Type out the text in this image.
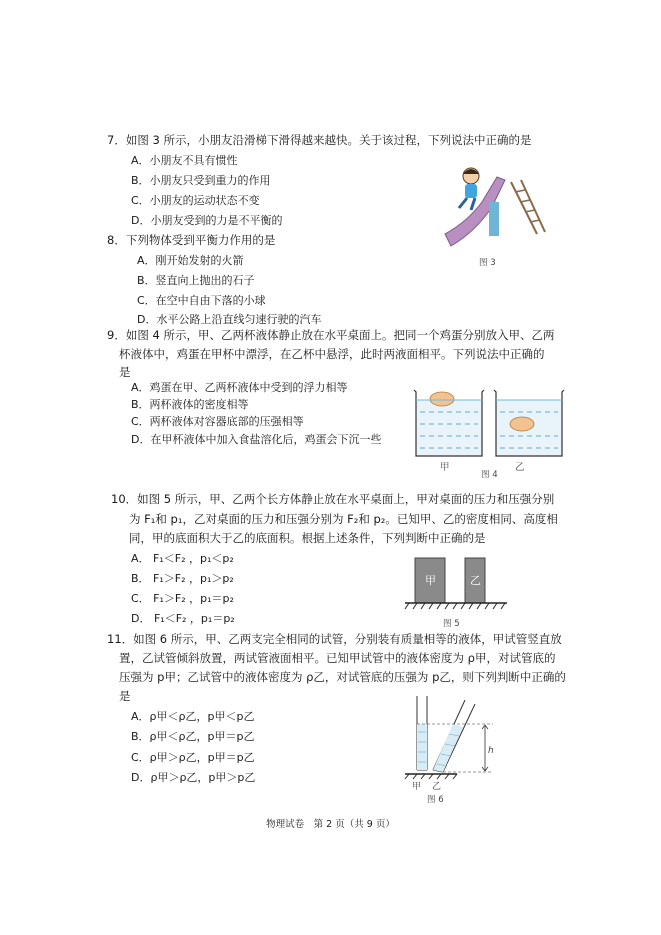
7．如图 3 所示，小朋友沿滑梯下滑得越来越快。关于该过程，下列说法中正确的是
A．小朋友不具有惯性
B．小朋友只受到重力的作用
C．小朋友的运动状态不变
D．小朋友受到的力是不平衡的
图 3
8．下列物体受到平衡力作用的是
A．刚开始发射的火箭
B．竖直向上抛出的石子
C．在空中自由下落的小球
D．水平公路上沿直线匀速行驶的汽车
9．如图 4 所示，甲、乙两杯液体静止放在水平桌面上。把同一个鸡蛋分别放入甲、乙两
杯液体中，鸡蛋在甲杯中漂浮，在乙杯中悬浮，此时两液面相平。下列说法中正确的
是
A．鸡蛋在甲、乙两杯液体中受到的浮力相等
B．两杯液体的密度相等
C．两杯液体对容器底部的压强相等
D．在甲杯液体中加入食盐溶化后，鸡蛋会下沉一些
甲	乙
图 4
10．如图 5 所示，甲、乙两个长方体静止放在水平桌面上，甲对桌面的压力和压强分别
为 F₁和 p₁，乙对桌面的压力和压强分别为 F₂和 p₂。已知甲、乙的密度相同、高度相
同，甲的底面积大于乙的底面积。根据上述条件，下列判断中正确的是
A． F₁＜F₂ ，p₁＜p₂
B． F₁＞F₂ ，p₁＞p₂
C． F₁＞F₂ ，p₁＝p₂
D． F₁＜F₂ ，p₁＝p₂
甲	乙
图 5
11．如图 6 所示，甲、乙两支完全相同的试管，分别装有质量相等的液体，甲试管竖直放
置，乙试管倾斜放置，两试管液面相平。已知甲试管中的液体密度为 ρ甲，对试管底的
压强为 p甲；乙试管中的液体密度为 ρ乙，对试管底的压强为 p乙，则下列判断中正确的
是
A．ρ甲＜ρ乙，p甲＜p乙
B．ρ甲＜ρ乙，p甲＝p乙
C．ρ甲＞ρ乙，p甲＝p乙
D．ρ甲＞ρ乙，p甲＞p乙
h
甲 乙
图 6
物理试卷　第 2 页（共 9 页）
